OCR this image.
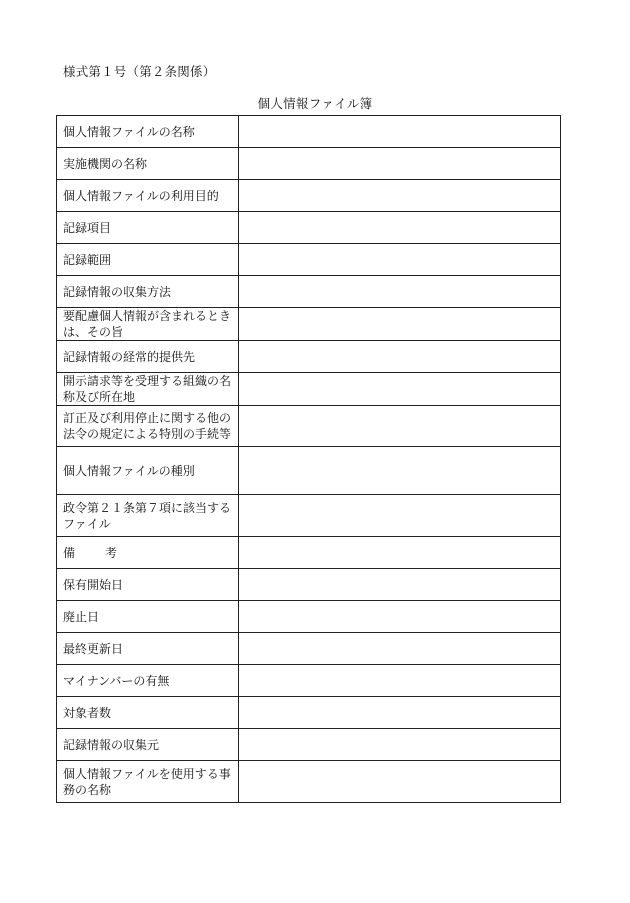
様式第１号（第２条関係）
個人情報ファイル簿
個人情報ファイルの名称	
実施機関の名称	
個人情報ファイルの利用目的	
記録項目	
記録範囲	
記録情報の収集方法	
要配慮個人情報が含まれるときは、その旨	
記録情報の経常的提供先	
開示請求等を受理する組織の名称及び所在地	
訂正及び利用停止に関する他の法令の規定による特別の手続等	
個人情報ファイルの種別	
政令第２１条第７項に該当するファイル	
備 考	
保有開始日	
廃止日	
最終更新日	
マイナンバーの有無	
対象者数	
記録情報の収集元	
個人情報ファイルを使用する事務の名称	
